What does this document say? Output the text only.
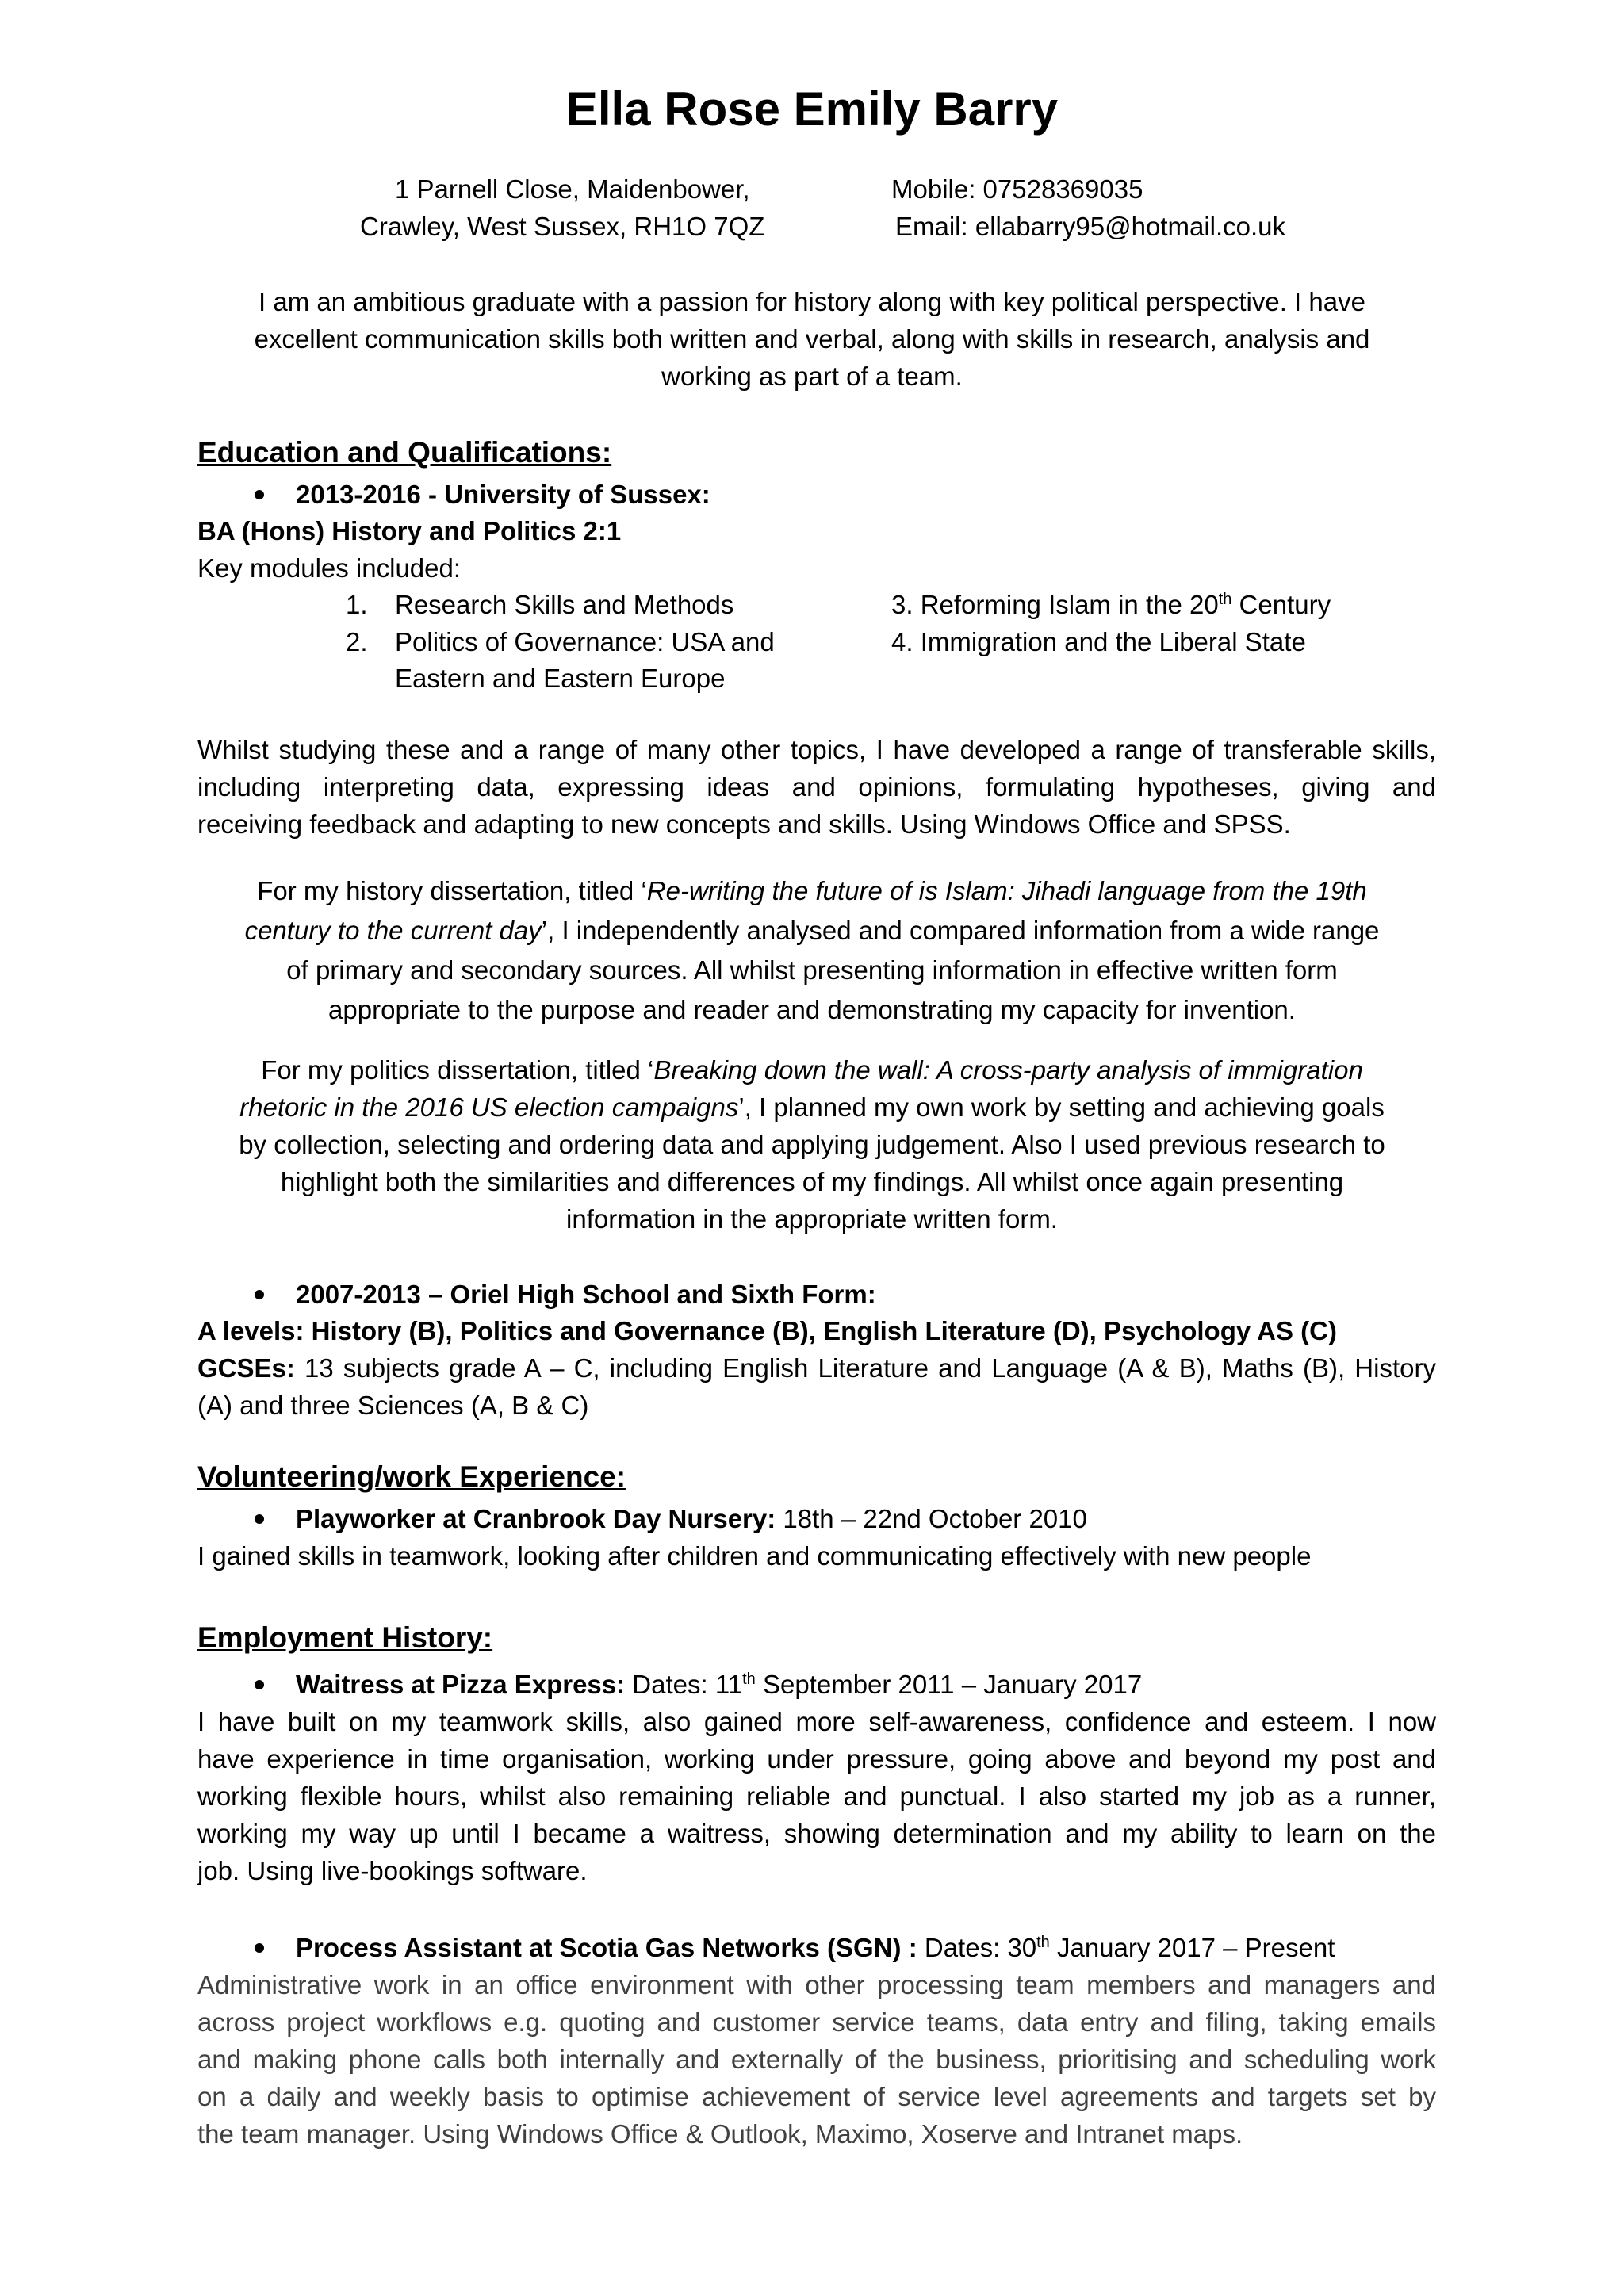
Ella Rose Emily Barry
1 Parnell Close, Maidenbower,
Crawley, West Sussex, RH1O 7QZ
Mobile: 07528369035
Email: ellabarry95@hotmail.co.uk
I am an ambitious graduate with a passion for history along with key political perspective. I have
excellent communication skills both written and verbal, along with skills in research, analysis and
working as part of a team.
Education and Qualifications:
2013-2016 - University of Sussex:
BA (Hons) History and Politics 2:1
Key modules included:
1. Research Skills and Methods
2. Politics of Governance: USA and
Eastern and Eastern Europe
3. Reforming Islam in the 20th Century
4. Immigration and the Liberal State
Whilst studying these and a range of many other topics, I have developed a range of transferable skills,
including interpreting data, expressing ideas and opinions, formulating hypotheses, giving and
receiving feedback and adapting to new concepts and skills. Using Windows Office and SPSS.
For my history dissertation, titled ‘Re-writing the future of is Islam: Jihadi language from the 19th
century to the current day’, I independently analysed and compared information from a wide range
of primary and secondary sources. All whilst presenting information in effective written form
appropriate to the purpose and reader and demonstrating my capacity for invention.
For my politics dissertation, titled ‘Breaking down the wall: A cross-party analysis of immigration
rhetoric in the 2016 US election campaigns’, I planned my own work by setting and achieving goals
by collection, selecting and ordering data and applying judgement. Also I used previous research to
highlight both the similarities and differences of my findings. All whilst once again presenting
information in the appropriate written form.
2007-2013 – Oriel High School and Sixth Form:
A levels: History (B), Politics and Governance (B), English Literature (D), Psychology AS (C)
GCSEs: 13 subjects grade A – C, including English Literature and Language (A & B), Maths (B), History
(A) and three Sciences (A, B & C)
Volunteering/work Experience:
Playworker at Cranbrook Day Nursery: 18th – 22nd October 2010
I gained skills in teamwork, looking after children and communicating effectively with new people
Employment History:
Waitress at Pizza Express: Dates: 11th September 2011 – January 2017
I have built on my teamwork skills, also gained more self-awareness, confidence and esteem. I now
have experience in time organisation, working under pressure, going above and beyond my post and
working flexible hours, whilst also remaining reliable and punctual. I also started my job as a runner,
working my way up until I became a waitress, showing determination and my ability to learn on the
job. Using live-bookings software.
Process Assistant at Scotia Gas Networks (SGN) : Dates: 30th January 2017 – Present
Administrative work in an office environment with other processing team members and managers and
across project workflows e.g. quoting and customer service teams, data entry and filing, taking emails
and making phone calls both internally and externally of the business, prioritising and scheduling work
on a daily and weekly basis to optimise achievement of service level agreements and targets set by
the team manager. Using Windows Office & Outlook, Maximo, Xoserve and Intranet maps.
